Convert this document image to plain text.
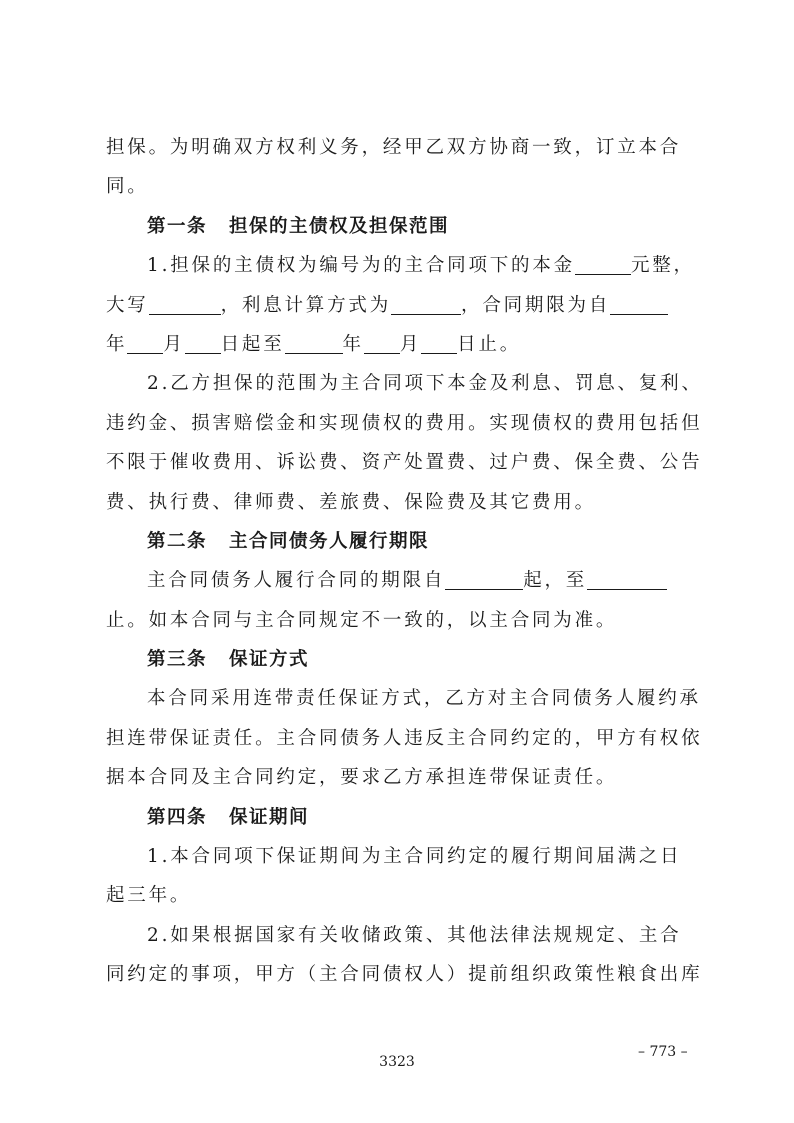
担保。为明确双方权利义务，经甲乙双方协商一致，订立本合
同。
第一条 担保的主债权及担保范围
1.担保的主债权为编号为的主合同项下的本金	元整，
大写	，利息计算方式为	，合同期限为自
年 月 日起至	年 月 日止。
2.乙方担保的范围为主合同项下本金及利息、罚息、复利、
违约金、损害赔偿金和实现债权的费用。实现债权的费用包括但
不限于催收费用、诉讼费、资产处置费、过户费、保全费、公告
费、执行费、律师费、差旅费、保险费及其它费用。
第二条 主合同债务人履行期限
主合同债务人履行合同的期限自	起，至
止。如本合同与主合同规定不一致的，以主合同为准。
第三条 保证方式
本合同采用连带责任保证方式，乙方对主合同债务人履约承
担连带保证责任。主合同债务人违反主合同约定的，甲方有权依
据本合同及主合同约定，要求乙方承担连带保证责任。
第四条 保证期间
1.本合同项下保证期间为主合同约定的履行期间届满之日
起三年。
2.如果根据国家有关收储政策、其他法律法规规定、主合
同约定的事项，甲方（主合同债权人）提前组织政策性粮食出库
– 773 –
3323
